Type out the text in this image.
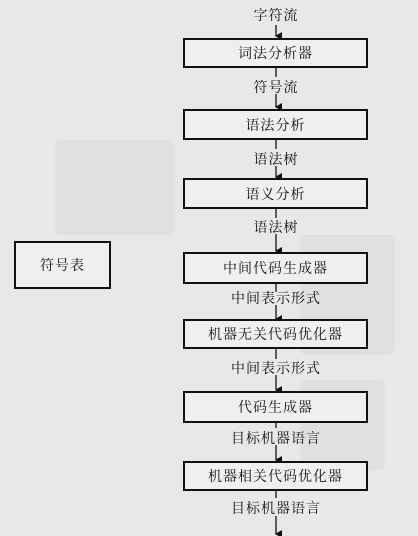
字符流
词法分析器
符号流
语法分析
语法树
语义分析
语法树
中间代码生成器
中间表示形式
机器无关代码优化器
中间表示形式
代码生成器
目标机器语言
机器相关代码优化器
目标机器语言
符号表
